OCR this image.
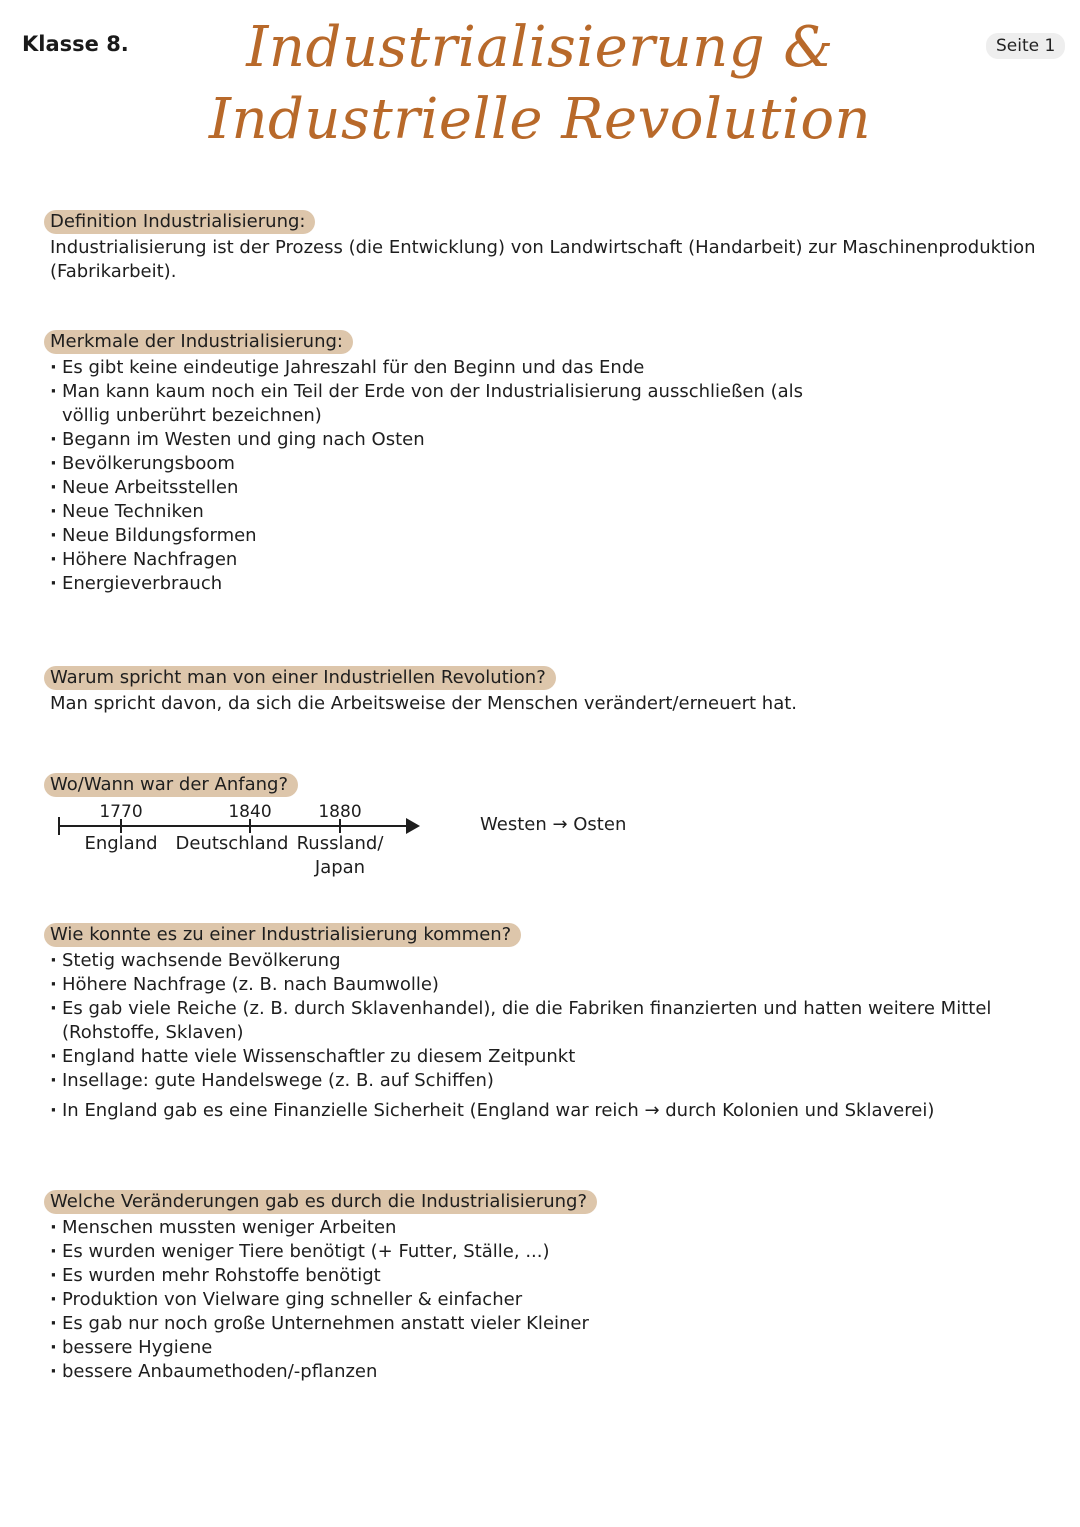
Klasse 8.	Seite 1
Industrialisierung &
Industrielle Revolution
Definition Industrialisierung:
Industrialisierung ist der Prozess (die Entwicklung) von Landwirtschaft (Handarbeit) zur Maschinenproduktion (Fabrikarbeit).
Merkmale der Industrialisierung:
· Es gibt keine eindeutige Jahreszahl für den Beginn und das Ende
· Man kann kaum noch ein Teil der Erde von der Industrialisierung ausschließen (als völlig unberührt bezeichnen)
· Begann im Westen und ging nach Osten
· Bevölkerungsboom
· Neue Arbeitsstellen
· Neue Techniken
· Neue Bildungsformen
· Höhere Nachfragen
· Energieverbrauch
Warum spricht man von einer Industriellen Revolution?
Man spricht davon, da sich die Arbeitsweise der Menschen verändert/erneuert hat.
Wo/Wann war der Anfang?
1770
England
1840
Deutschland
1880
Russland/ Japan
Westen → Osten
Wie konnte es zu einer Industrialisierung kommen?
· Stetig wachsende Bevölkerung
· Höhere Nachfrage (z. B. nach Baumwolle)
· Es gab viele Reiche (z. B. durch Sklavenhandel), die die Fabriken finanzierten und hatten weitere Mittel (Rohstoffe, Sklaven)
· England hatte viele Wissenschaftler zu diesem Zeitpunkt
· Insellage: gute Handelswege (z. B. auf Schiffen)
· In England gab es eine Finanzielle Sicherheit (England war reich → durch Kolonien und Sklaverei)
Welche Veränderungen gab es durch die Industrialisierung?
· Menschen mussten weniger Arbeiten
· Es wurden weniger Tiere benötigt (+ Futter, Ställe, ...)
· Es wurden mehr Rohstoffe benötigt
· Produktion von Vielware ging schneller & einfacher
· Es gab nur noch große Unternehmen anstatt vieler Kleiner
· bessere Hygiene
· bessere Anbaumethoden/-pflanzen
